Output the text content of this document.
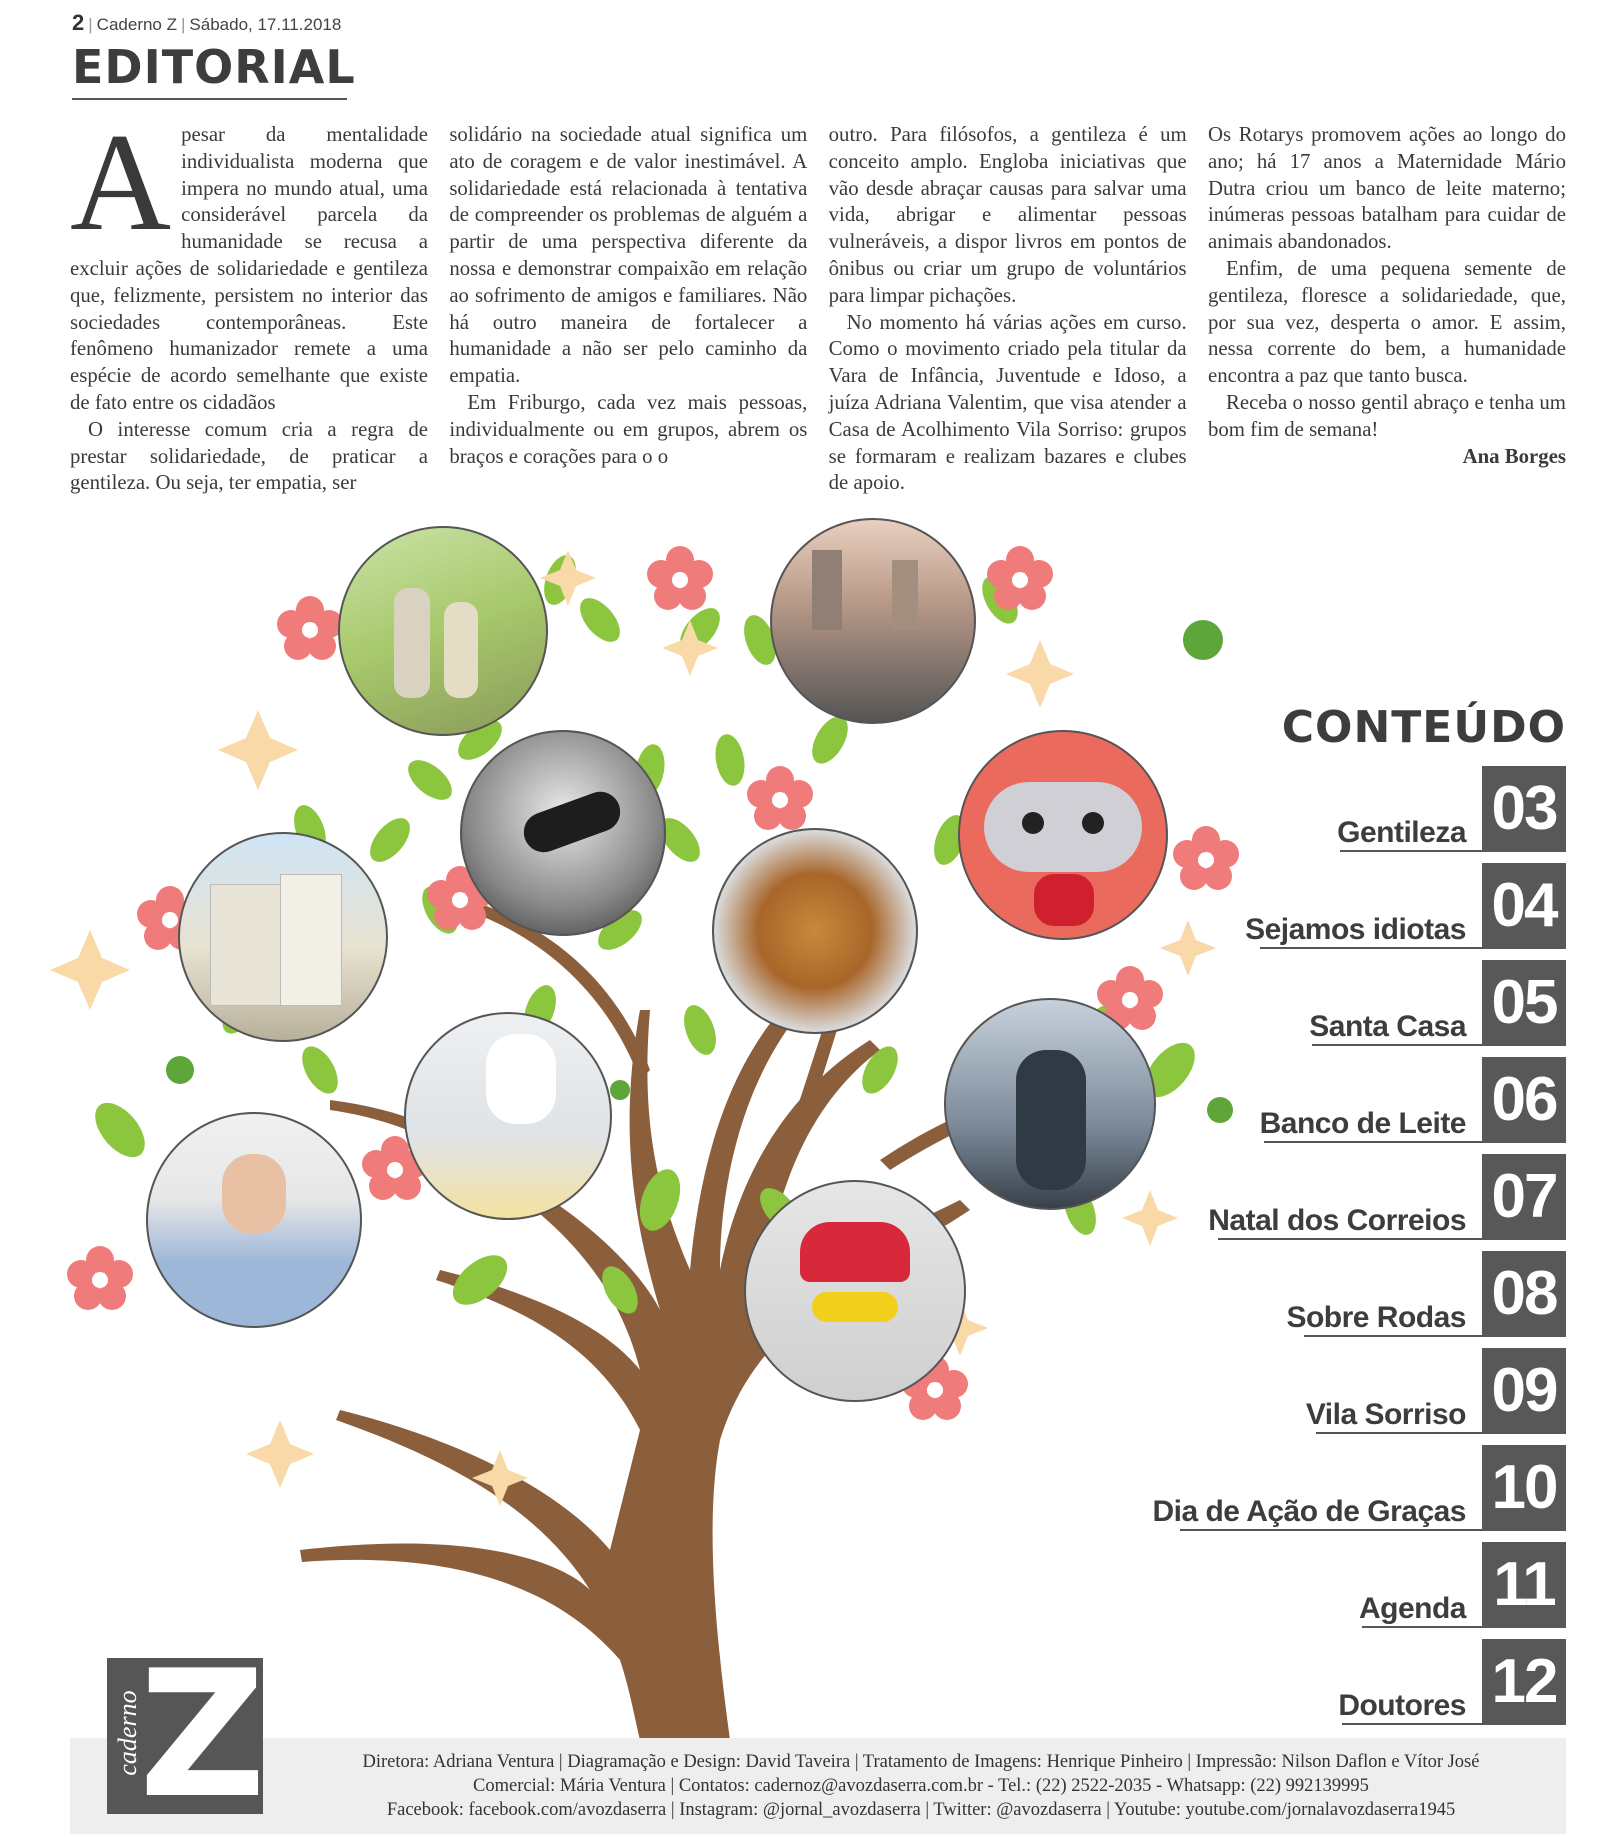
2 | Caderno Z | Sábado, 17.11.2018
EDITORIAL

Apesar da mentalidade individualista moderna que impera no mundo atual, uma considerável parcela da humanidade se recusa a excluir ações de solidariedade e gentileza que, felizmente, persistem no interior das sociedades contemporâneas. Este fenômeno humanizador remete a uma espécie de acordo semelhante que existe de fato entre os cidadãos

O interesse comum cria a regra de prestar solidariedade, de praticar a gentileza. Ou seja, ter empatia, ser

solidário na sociedade atual significa um ato de coragem e de valor inestimável. A solidariedade está relacionada à tentativa de compreender os problemas de alguém a partir de uma perspectiva diferente da nossa e demonstrar compaixão em relação ao sofrimento de amigos e familiares. Não há outro maneira de fortalecer a humanidade a não ser pelo caminho da empatia.

Em Friburgo, cada vez mais pessoas, individualmente ou em grupos, abrem os braços e corações para o o

outro. Para filósofos, a gentileza é um conceito amplo. Engloba iniciativas que vão desde abraçar causas para salvar uma vida, abrigar e alimentar pessoas vulneráveis, a dispor livros em pontos de ônibus ou criar um grupo de voluntários para limpar pichações.

No momento há várias ações em curso. Como o movimento criado pela titular da Vara de Infância, Juventude e Idoso, a juíza Adriana Valentim, que visa atender a Casa de Acolhimento Vila Sorriso: grupos se formaram e realizam bazares e clubes de apoio.

Os Rotarys promovem ações ao longo do ano; há 17 anos a Maternidade Mário Dutra criou um banco de leite materno; inúmeras pessoas batalham para cuidar de animais abandonados.

Enfim, de uma pequena semente de gentileza, floresce a solidariedade, que, por sua vez, desperta o amor. E assim, nessa corrente do bem, a humanidade encontra a paz que tanto busca.

Receba o nosso gentil abraço e tenha um bom fim de semana!

Ana Borges

CONTEÚDO
Gentileza 03
Sejamos idiotas 04
Santa Casa 05
Banco de Leite 06
Natal dos Correios 07
Sobre Rodas 08
Vila Sorriso 09
Dia de Ação de Graças 10
Agenda 11
Doutores 12
caderno
Z	Diretora: Adriana Ventura | Diagramação e Design: David Taveira | Tratamento de Imagens: Henrique Pinheiro | Impressão: Nilson Daflon e Vítor José
Comercial: Mária Ventura | Contatos: cadernoz@avozdaserra.com.br - Tel.: (22) 2522-2035 - Whatsapp: (22) 992139995
Facebook: facebook.com/avozdaserra | Instagram: @jornal_avozdaserra | Twitter: @avozdaserra | Youtube: youtube.com/jornalavozdaserra1945
